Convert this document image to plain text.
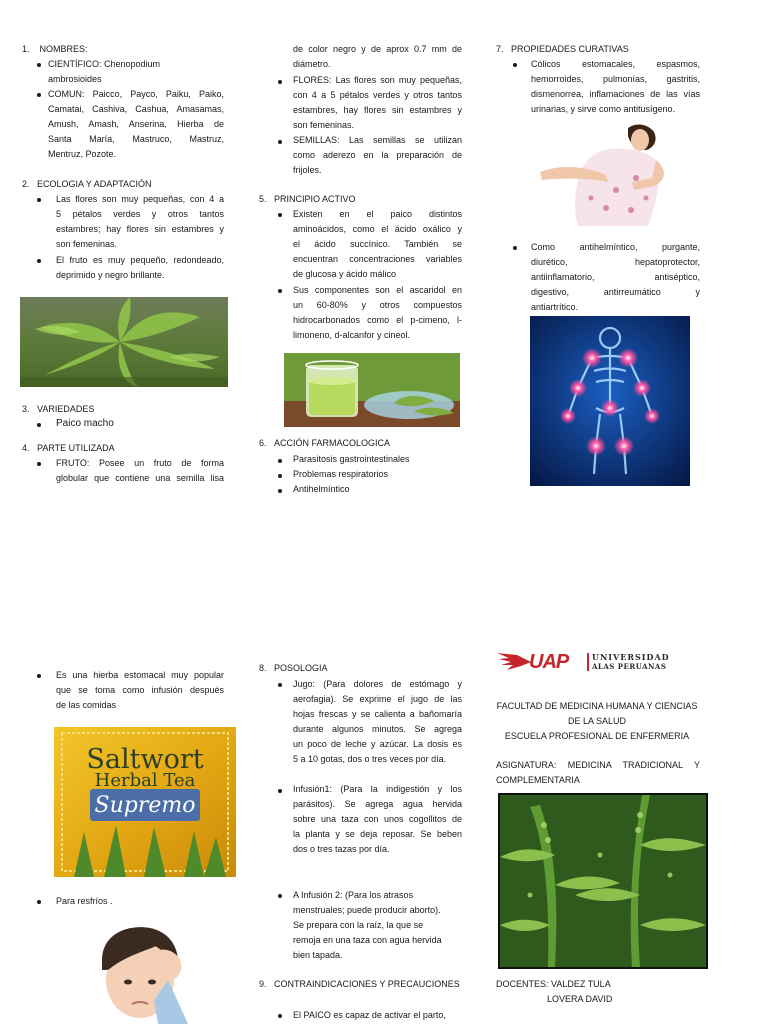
1.    NOMBRES:
CIENTÍFICO: Chenopodium
ambrosioides
COMUN: Paicco, Payco, Paiku, Paiko,
Camatai, Cashiva, Cashua, Amasamas,
Amush, Amash, Anserina, Hierba de
Santa María, Mastruco, Mastruz,
Mentruz, Pozote.
2.   ECOLOGIA Y ADAPTACIÓN
Las flores son muy pequeñas, con 4 a
5 pétalos verdes y otros tantos
estambres; hay flores sin estambres y
son femeninas.
El fruto es muy pequeño, redondeado,
deprimido y negro brillante.
3.   VARIEDADES
Paico macho
4.   PARTE UTILIZADA
FRUTO: Posee un fruto de forma
globular que contiene una semilla lisa
de color negro y de aprox 0.7 mm de
diámetro.
FLORES: Las flores son muy pequeñas,
con 4 a 5 pétalos verdes y otros tantos
estambres, hay flores sin estambres y
son femeninas.
SEMILLAS: Las semillas se utilizan
como aderezo en la preparación de
frijoles.
5.   PRINCIPIO ACTIVO
Existen en el paico distintos
aminoácidos, como el ácido oxálico y
el ácido succínico. También se
encuentran concentraciones variables
de glucosa y ácido málico
Sus componentes son el ascaridol en
un 60-80% y otros compuestos
hidrocarbonados como el p-cimeno, l-
limoneno, d-alcanfor y cineol.
6.   ACCIÓN FARMACOLOGICA
Parasitosis gastrointestinales
Problemas respiratorios
Antihelmíntico
7.   PROPIEDADES CURATIVAS
Cólicos estomacales, espasmos,
hemorroides, pulmonías, gastritis,
dismenorrea, inflamaciones de las vías
urinarias, y sirve como antitusígeno.
Como antihelmíntico, purgante,
diurético, hepatoprotector,
antiinflamatorio, antiséptico,
digestivo, antirreumático y
antiartrítico.
Es una hierba estomacal muy popular
que se toma como infusión después
de las comidas
Saltwort
Herbal Tea
Supremo
Para resfríos .
8.   POSOLOGIA
Jugo: (Para dolores de estómago y
aerofagia). Se exprime el jugo de las
hojas frescas y se calienta a bañomaría
durante algunos minutos. Se agrega
un poco de leche y azúcar. La dosis es
5 a 10 gotas, dos o tres veces por día.
Infusión1: (Para la indigestión y los
parásitos). Se agrega agua hervida
sobre una taza con unos cogollitos de
la planta y se deja reposar. Se beben
dos o tres tazas por día.
A Infusión 2: (Para los atrasos
menstruales; puede producir aborto).
Se prepara con la raíz, la que se
remoja en una taza con agua hervida
bien tapada.
9.   CONTRAINDICACIONES Y PRECAUCIONES
El PAICO es capaz de activar el parto,
UAP	UNIVERSIDAD
ALAS PERUANAS
FACULTAD DE MEDICINA HUMANA Y CIENCIAS
DE LA SALUD
ESCUELA PROFESIONAL DE ENFERMERIA
ASIGNATURA: MEDICINA TRADICIONAL Y
COMPLEMENTARIA
DOCENTES: VALDEZ TULA
LOVERA DAVID
